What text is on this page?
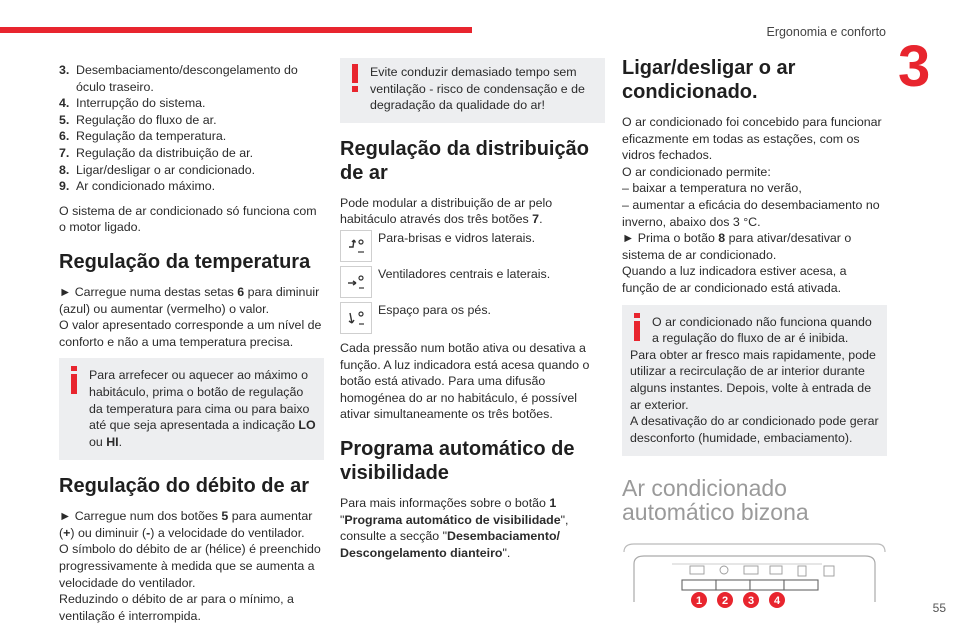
Ergonomia e conforto
3
55
3. Desembaciamento/descongelamento do óculo traseiro.
4. Interrupção do sistema.
5. Regulação do fluxo de ar.
6. Regulação da temperatura.
7. Regulação da distribuição de ar.
8. Ligar/desligar o ar condicionado.
9. Ar condicionado máximo.

O sistema de ar condicionado só funciona com o motor ligado.

Regulação da temperatura

► Carregue numa destas setas 6 para diminuir (azul) ou aumentar (vermelho) o valor.

O valor apresentado corresponde a um nível de conforto e não a uma temperatura precisa.

Para arrefecer ou aquecer ao máximo o habitáculo, prima o botão de regulação da temperatura para cima ou para baixo até que seja apresentada a indicação LO ou HI.
Regulação do débito de ar

► Carregue num dos botões 5 para aumentar (+) ou diminuir (-) a velocidade do ventilador.

O símbolo do débito de ar (hélice) é preenchido progressivamente à medida que se aumenta a velocidade do ventilador.

Reduzindo o débito de ar para o mínimo, a ventilação é interrompida.

Evite conduzir demasiado tempo sem ventilação - risco de condensação e de degradação da qualidade do ar!
Regulação da distribuição de ar

Pode modular a distribuição de ar pelo habitáculo através dos três botões 7.

Para-brisas e vidros laterais.
Ventiladores centrais e laterais.
Espaço para os pés.

Cada pressão num botão ativa ou desativa a função. A luz indicadora está acesa quando o botão está ativado. Para uma difusão homogénea do ar no habitáculo, é possível ativar simultaneamente os três botões.

Programa automático de visibilidade

Para mais informações sobre o botão 1 "Programa automático de visibilidade", consulte a secção "Desembaciamento/ Descongelamento dianteiro".

Ligar/desligar o ar condicionado.

O ar condicionado foi concebido para funcionar eficazmente em todas as estações, com os vidros fechados.

O ar condicionado permite:

– baixar a temperatura no verão,

– aumentar a eficácia do desembaciamento no inverno, abaixo dos 3 °C.

► Prima o botão 8 para ativar/desativar o sistema de ar condicionado.

Quando a luz indicadora estiver acesa, a função de ar condicionado está ativada.

O ar condicionado não funciona quando a regulação do fluxo de ar é inibida.
Para obter ar fresco mais rapidamente, pode utilizar a recirculação de ar interior durante alguns instantes. Depois, volte à entrada de ar exterior.
A desativação do ar condicionado pode gerar desconforto (humidade, embaciamento).
Ar condicionado
automático bizona
1 2 3 4
